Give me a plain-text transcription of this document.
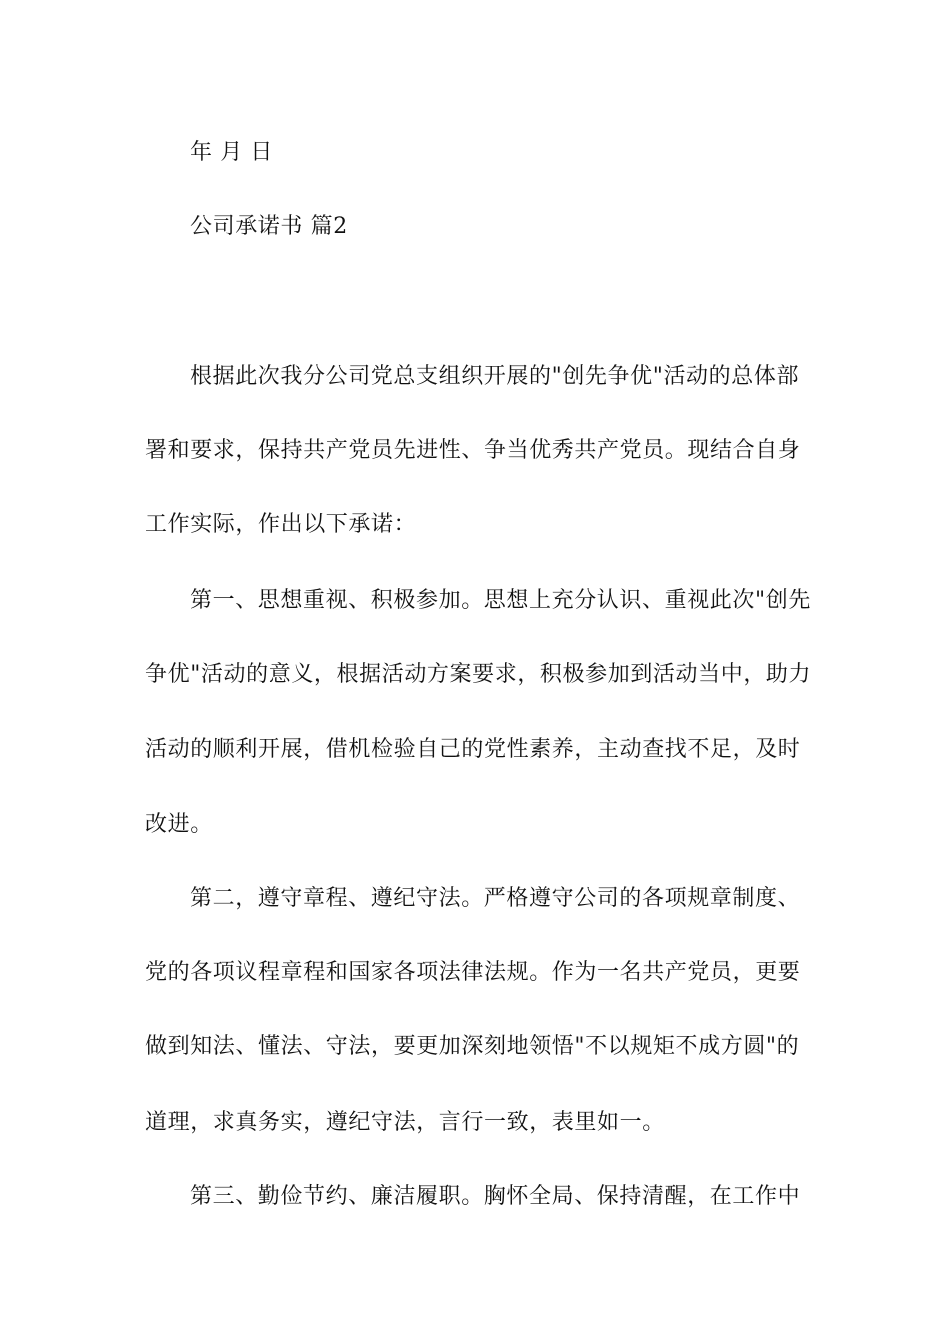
年 月 日
公司承诺书 篇2
根据此次我分公司党总支组织开展的"创先争优"活动的总体部
署和要求，保持共产党员先进性、争当优秀共产党员。现结合自身
工作实际，作出以下承诺：
第一、思想重视、积极参加。思想上充分认识、重视此次"创先
争优"活动的意义，根据活动方案要求，积极参加到活动当中，助力
活动的顺利开展，借机检验自己的党性素养，主动查找不足，及时
改进。
第二，遵守章程、遵纪守法。严格遵守公司的各项规章制度、
党的各项议程章程和国家各项法律法规。作为一名共产党员，更要
做到知法、懂法、守法，要更加深刻地领悟"不以规矩不成方圆"的
道理，求真务实，遵纪守法，言行一致，表里如一。
第三、勤俭节约、廉洁履职。胸怀全局、保持清醒，在工作中
